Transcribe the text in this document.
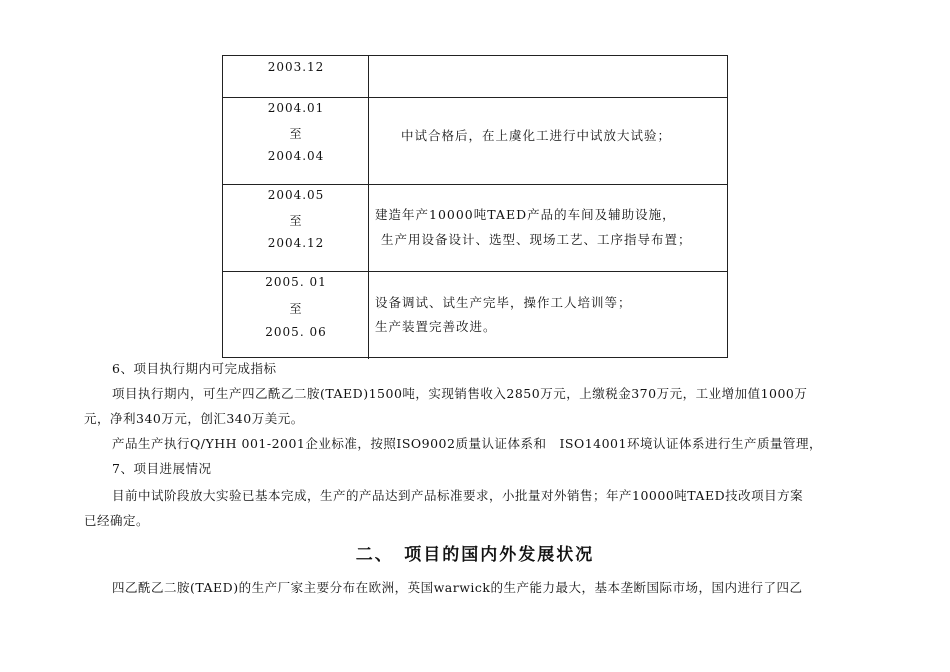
2003.12
2004.01
至
2004.04
中试合格后，在上虞化工进行中试放大试验；
2004.05
至
2004.12
建造年产10000吨TAED产品的车间及辅助设施，
生产用设备设计、选型、现场工艺、工序指导布置；
2005. 01
至
2005. 06
设备调试、试生产完毕，操作工人培训等；
生产装置完善改进。
6、项目执行期内可完成指标
项目执行期内，可生产四乙酰乙二胺(TAED)1500吨，实现销售收入2850万元，上缴税金370万元，工业增加值1000万
元，净利340万元，创汇340万美元。
产品生产执行Q/YHH 001-2001企业标准，按照ISO9002质量认证体系和　ISO14001环境认证体系进行生产质量管理，
7、项目进展情况
目前中试阶段放大实验已基本完成，生产的产品达到产品标准要求，小批量对外销售；年产10000吨TAED技改项目方案
已经确定。
二、　项目的国内外发展状况
四乙酰乙二胺(TAED)的生产厂家主要分布在欧洲，英国warwick的生产能力最大，基本垄断国际市场，国内进行了四乙
